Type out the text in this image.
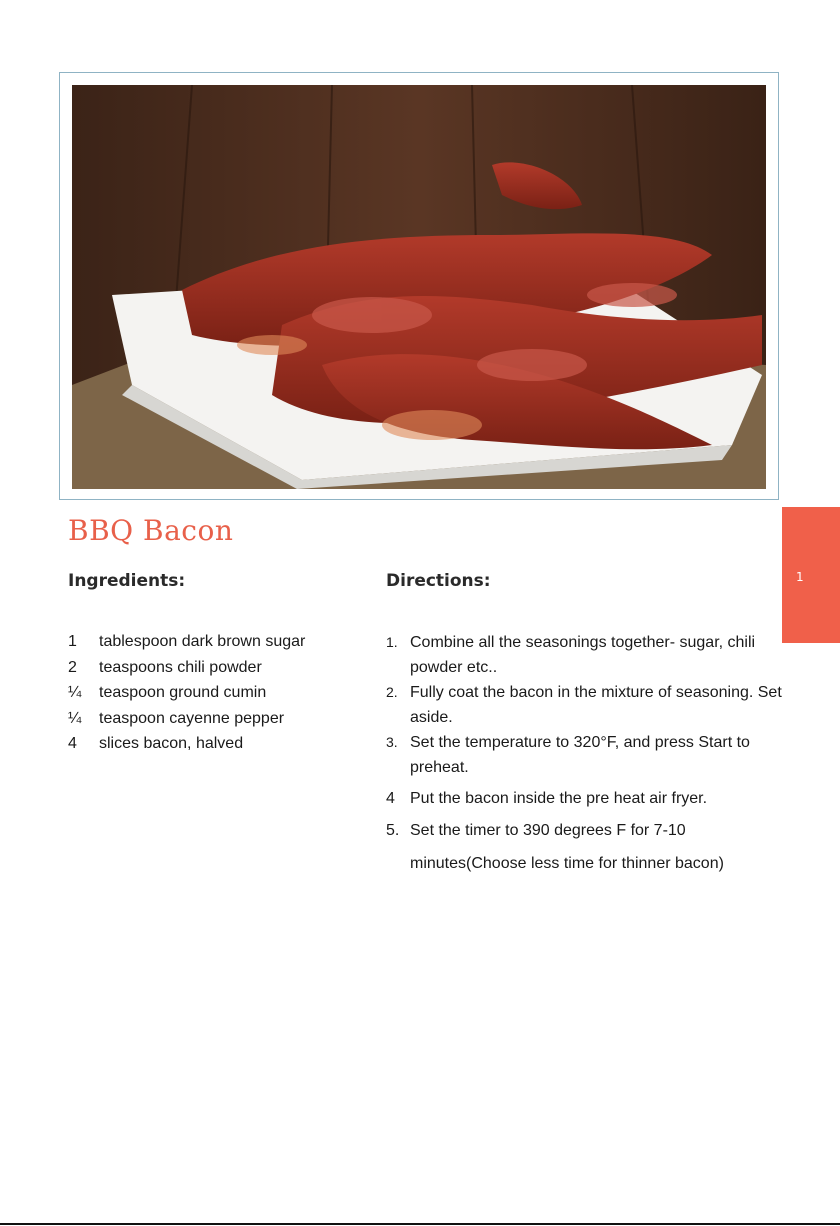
BBQ Bacon
Ingredients:	Directions:
1	tablespoon dark brown sugar
2	teaspoons chili powder
¼	teaspoon ground cumin
¼	teaspoon cayenne pepper
4	slices bacon, halved
1. Combine all the seasonings together- sugar, chili powder etc..
2. Fully coat the bacon in the mixture of seasoning. Set aside.
3. Set the temperature to 320°F, and press Start to preheat.
4 Put the bacon inside the pre heat air fryer.
5. Set the timer to 390 degrees F for 7-10 minutes(Choose less time for thinner bacon)
1
